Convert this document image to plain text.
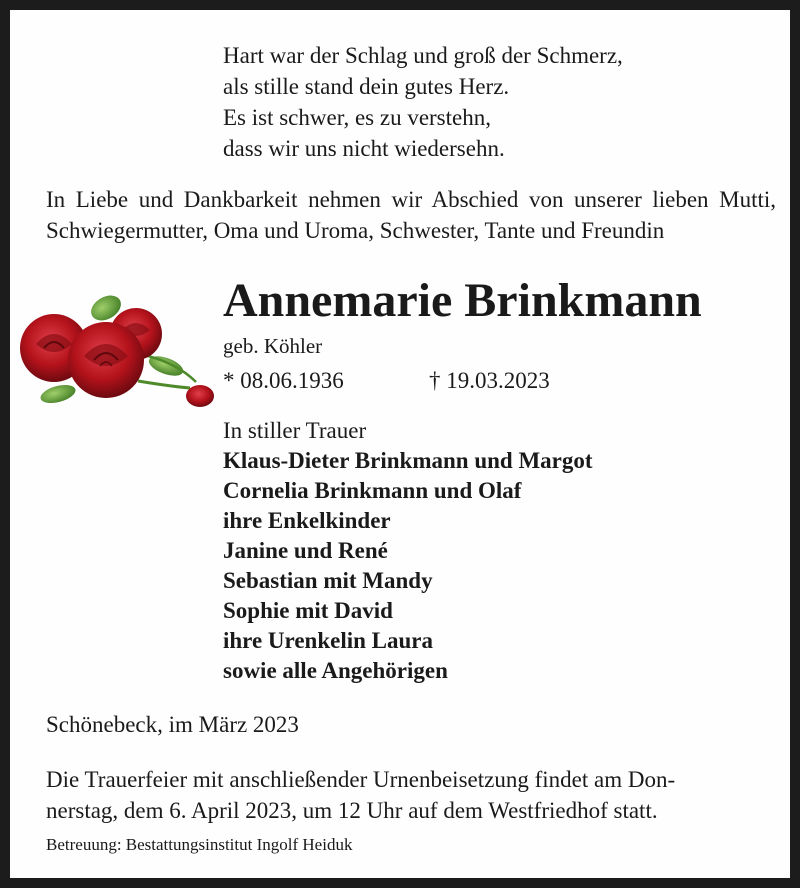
Hart war der Schlag und groß der Schmerz,
als stille stand dein gutes Herz.
Es ist schwer, es zu verstehn,
dass wir uns nicht wiedersehn.
In Liebe und Dankbarkeit nehmen wir Abschied von unserer lieben Mutti, Schwiegermutter, Oma und Uroma, Schwester, Tante und Freundin
Annemarie Brinkmann
geb. Köhler
* 08.06.1936	† 19.03.2023
In stiller Trauer
Klaus-Dieter Brinkmann und Margot
Cornelia Brinkmann und Olaf
ihre Enkelkinder
Janine und René
Sebastian mit Mandy
Sophie mit David
ihre Urenkelin Laura
sowie alle Angehörigen
Schönebeck, im März 2023
Die Trauerfeier mit anschließender Urnenbeisetzung findet am Don-
nerstag, dem 6. April 2023, um 12 Uhr auf dem Westfriedhof statt.
Betreuung: Bestattungsinstitut Ingolf Heiduk
